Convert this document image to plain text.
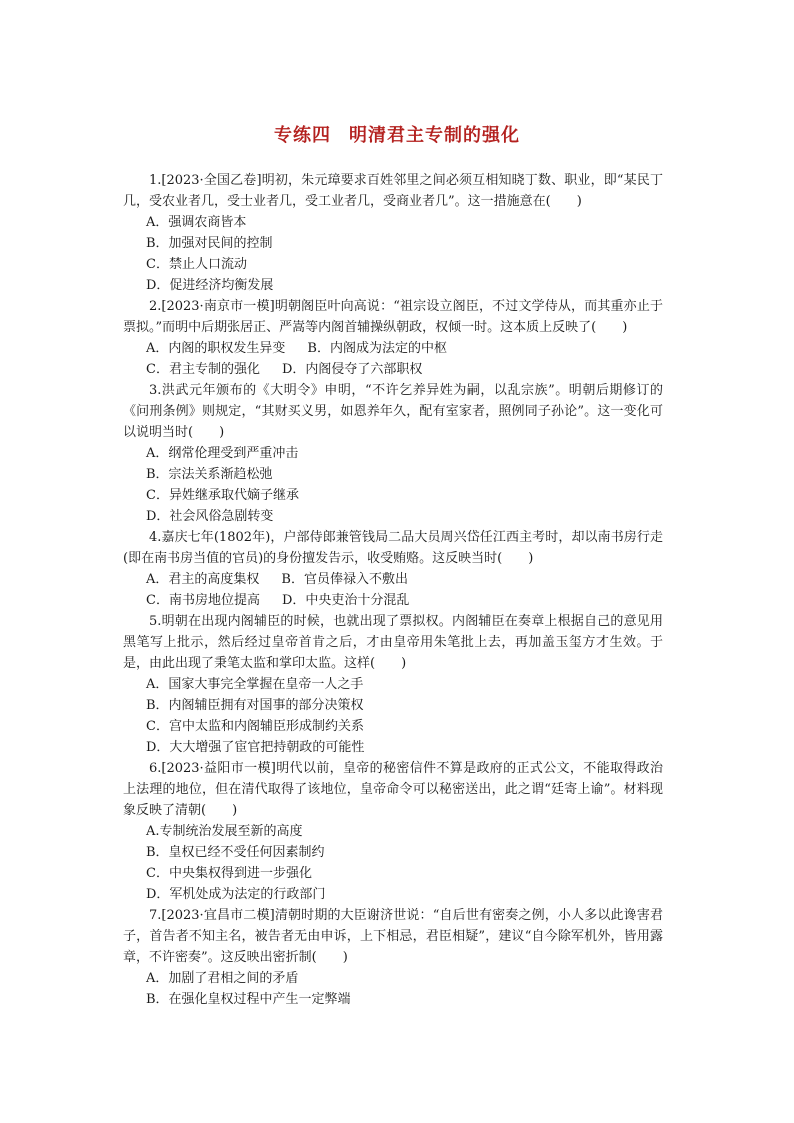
专练四 明清君主专制的强化

1.[2023·全国乙卷]明初，朱元璋要求百姓邻里之间必须互相知晓丁数、职业，即“某民丁几，受农业者几，受士业者几，受工业者几，受商业者几”。这一措施意在(　　)

A．强调农商皆本

B．加强对民间的控制

C．禁止人口流动

D．促进经济均衡发展

2.[2023·南京市一模]明朝阁臣叶向高说：“祖宗设立阁臣，不过文学侍从，而其重亦止于票拟。”而明中后期张居正、严嵩等内阁首辅操纵朝政，权倾一时。这本质上反映了(　　)

A．内阁的职权发生异变 B．内阁成为法定的中枢

C．君主专制的强化 D．内阁侵夺了六部职权

3.洪武元年颁布的《大明令》申明，“不许乞养异姓为嗣，以乱宗族”。明朝后期修订的《问刑条例》则规定，“其财买义男，如恩养年久，配有室家者，照例同子孙论”。这一变化可以说明当时(　　)

A．纲常伦理受到严重冲击

B．宗法关系渐趋松弛

C．异姓继承取代嫡子继承

D．社会风俗急剧转变

4.嘉庆七年(1802年)，户部侍郎兼管钱局二品大员周兴岱任江西主考时，却以南书房行走(即在南书房当值的官员)的身份擅发告示，收受贿赂。这反映当时(　　)

A．君主的高度集权 B．官员俸禄入不敷出

C．南书房地位提高 D．中央吏治十分混乱

5.明朝在出现内阁辅臣的时候，也就出现了票拟权。内阁辅臣在奏章上根据自己的意见用黑笔写上批示，然后经过皇帝首肯之后，才由皇帝用朱笔批上去，再加盖玉玺方才生效。于是，由此出现了秉笔太监和掌印太监。这样(　　)

A．国家大事完全掌握在皇帝一人之手

B．内阁辅臣拥有对国事的部分决策权

C．宫中太监和内阁辅臣形成制约关系

D．大大增强了宦官把持朝政的可能性

6.[2023·益阳市一模]明代以前，皇帝的秘密信件不算是政府的正式公文，不能取得政治上法理的地位，但在清代取得了该地位，皇帝命令可以秘密送出，此之谓“廷寄上谕”。材料现象反映了清朝(　　)

A.专制统治发展至新的高度

B．皇权已经不受任何因素制约

C．中央集权得到进一步强化

D．军机处成为法定的行政部门

7.[2023·宜昌市二模]清朝时期的大臣谢济世说：“自后世有密奏之例，小人多以此谗害君子，首告者不知主名，被告者无由申诉，上下相忌，君臣相疑”，建议“自今除军机外，皆用露章，不许密奏”。这反映出密折制(　　)

A．加剧了君相之间的矛盾

B．在强化皇权过程中产生一定弊端
